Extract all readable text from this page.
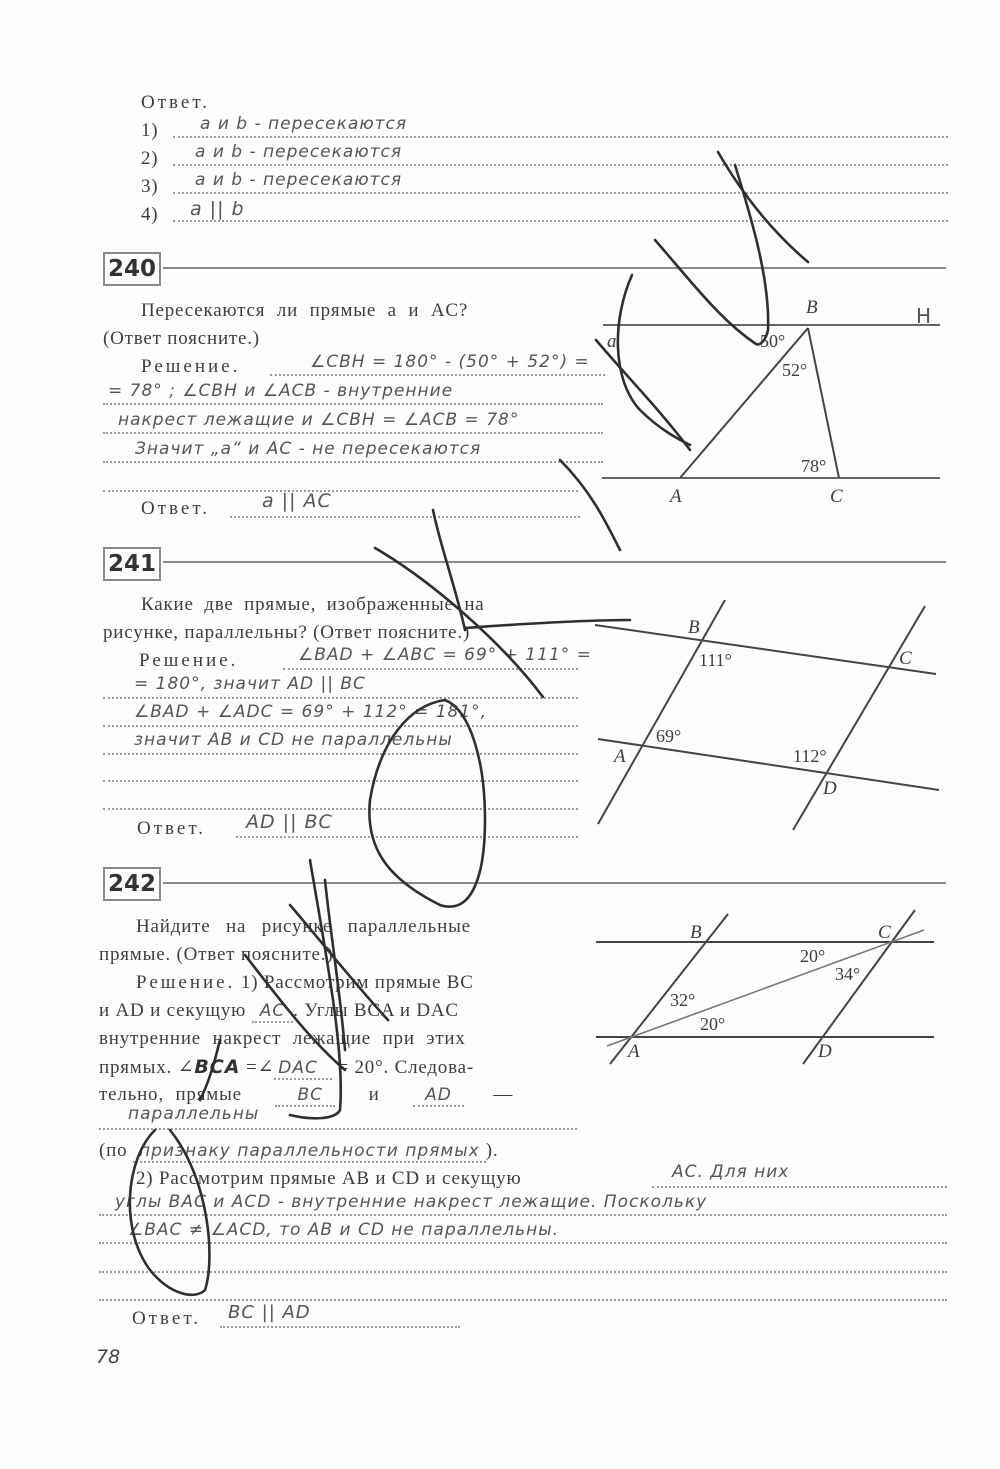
Ответ.
1) a и b - пересекаются
2) a и b - пересекаются
3) a и b - пересекаются
4) a || b
240
Пересекаются ли прямые a и AC?
(Ответ поясните.)
Решение.	∠CBH = 180° - (50° + 52°) =
= 78° ; ∠CBH и ∠ACB - внутренние
накрест лежащие и ∠CBH = ∠ACB = 78°
Значит „a“ и AC - не пересекаются
Ответ.	a || AC
B	H
a	50°
52°
78°
A	C
241
Какие две прямые, изображенные на
рисунке, параллельны? (Ответ поясните.)
Решение.	∠BAD + ∠ABC = 69° + 111° =
= 180°, значит AD || BC
∠BAD + ∠ADC = 69° + 112° = 181°,
значит AB и CD не параллельны
Ответ. AD || BC
B
111°	C
69°
A	112°
D
242
Найдите на рисунке параллельные
прямые. (Ответ поясните.)
Решение. 1) Рассмотрим прямые BC
и AD и секущую AC . Углы BCA и DAC
внутренние накрест лежащие при этих
прямых. ∠BCA =∠ DAC = 20°. Следова-
тельно, прямые	BC и	AD —
параллельны
(по признаку параллельности прямых ).
2) Рассмотрим прямые AB и CD и секущую	AC. Для них
углы BAC и ACD - внутренние накрест лежащие. Поскольку
∠BAC ≠ ∠ACD, то AB и CD не параллельны.
Ответ. BC || AD
B	C
20°
34°
32°
20°
A	D
78
